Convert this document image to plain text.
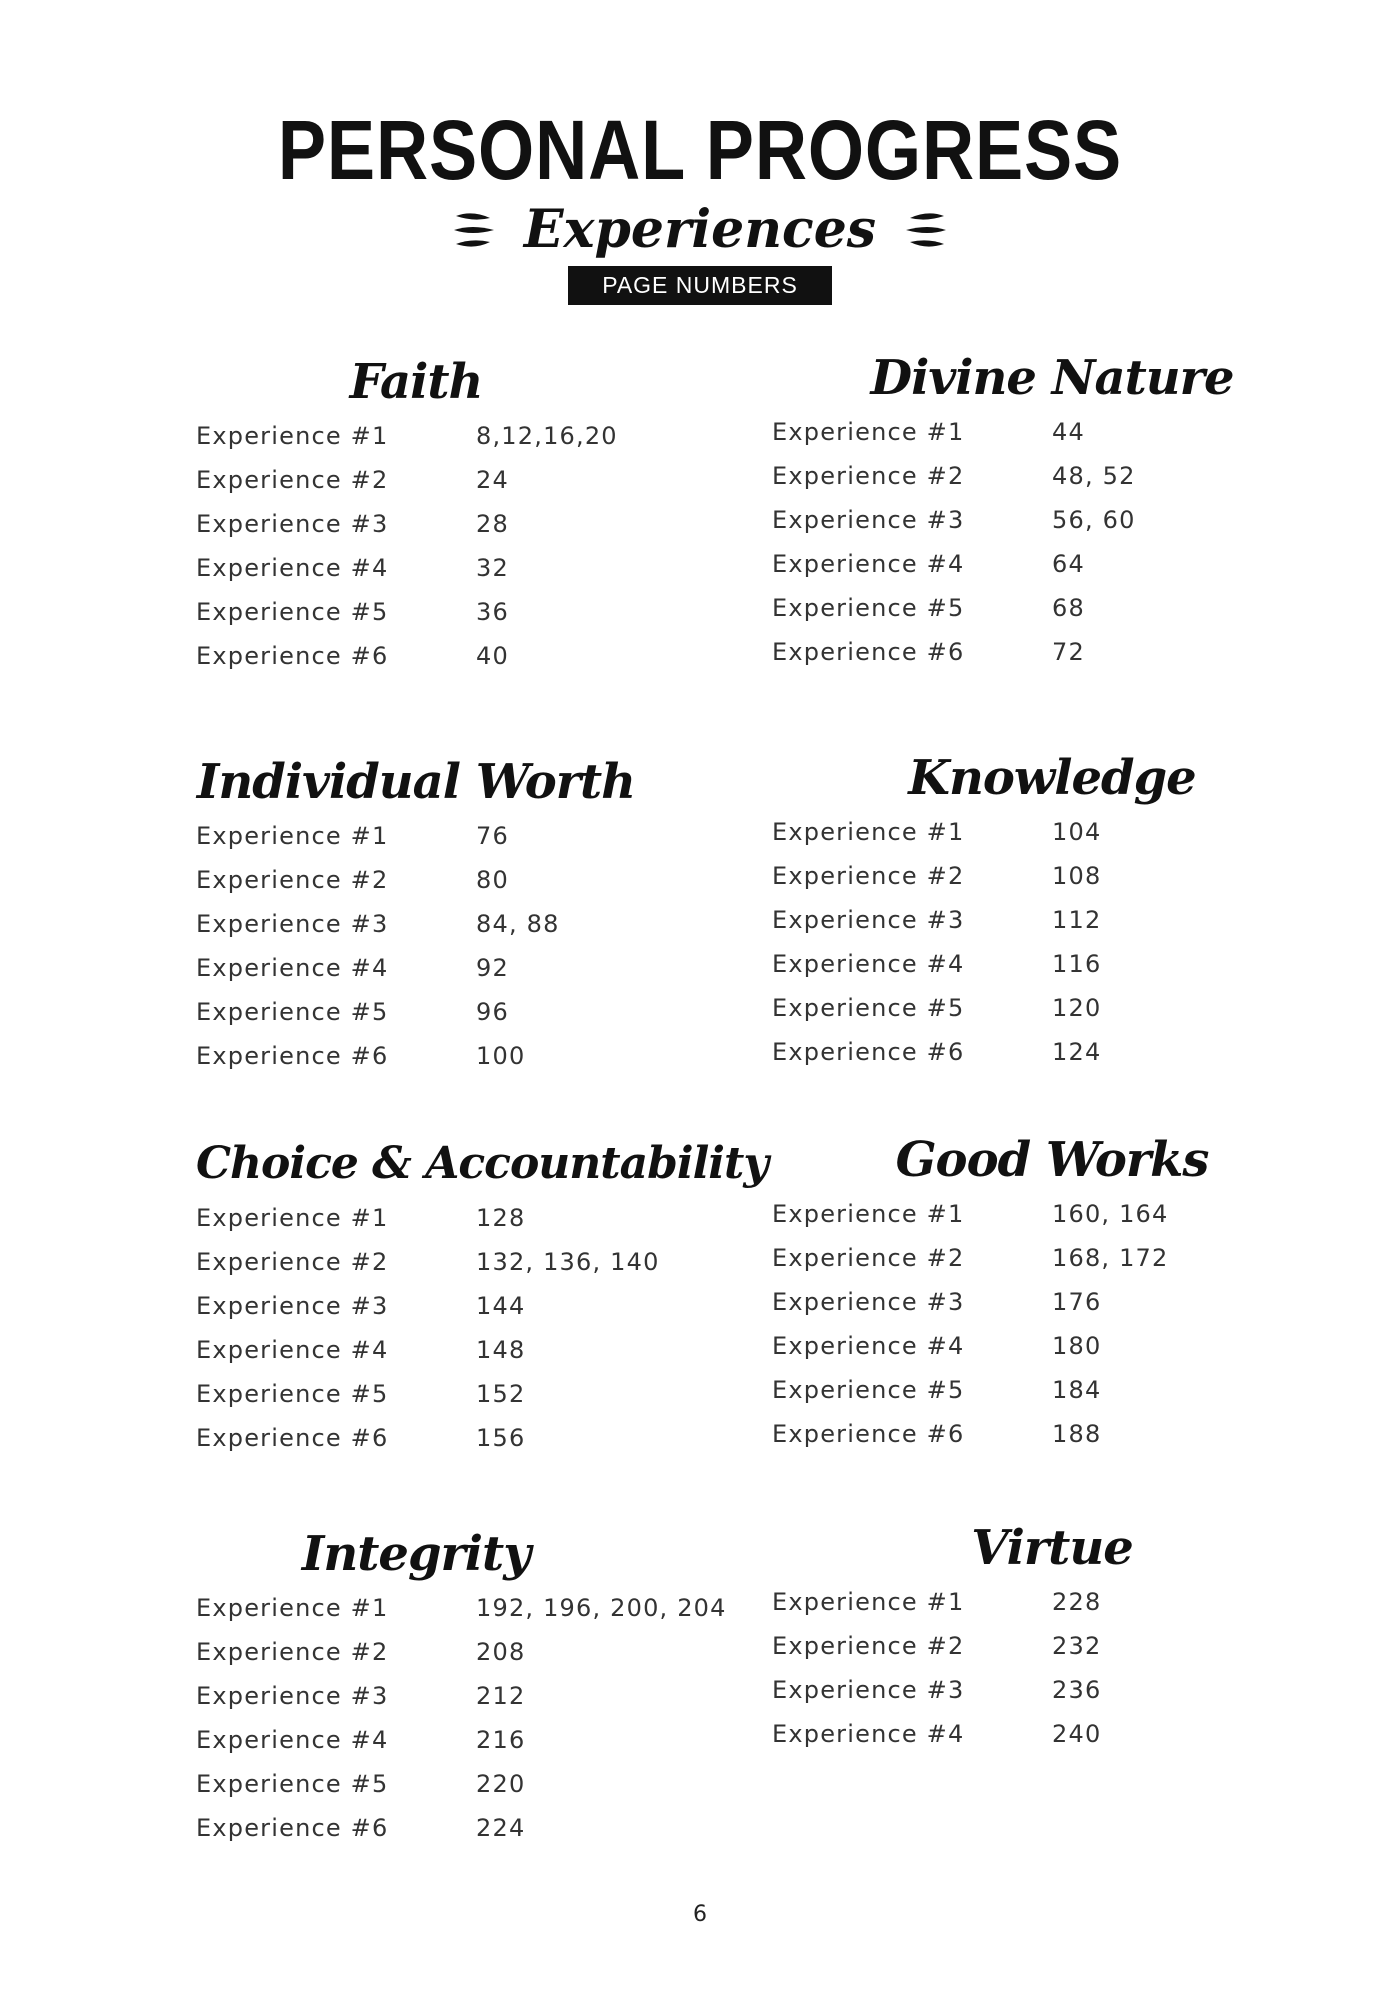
PERSONAL PROGRESS
Experiences
PAGE NUMBERS
Faith
Experience #1	8,12,16,20
Experience #2	24
Experience #3	28
Experience #4	32
Experience #5	36
Experience #6	40
Divine Nature
Experience #1	44
Experience #2	48, 52
Experience #3	56, 60
Experience #4	64
Experience #5	68
Experience #6	72
Individual Worth
Experience #1	76
Experience #2	80
Experience #3	84, 88
Experience #4	92
Experience #5	96
Experience #6	100
Knowledge
Experience #1	104
Experience #2	108
Experience #3	112
Experience #4	116
Experience #5	120
Experience #6	124
Choice & Accountability
Experience #1	128
Experience #2	132, 136, 140
Experience #3	144
Experience #4	148
Experience #5	152
Experience #6	156
Good Works
Experience #1	160, 164
Experience #2	168, 172
Experience #3	176
Experience #4	180
Experience #5	184
Experience #6	188
Integrity
Experience #1	192, 196, 200, 204
Experience #2	208
Experience #3	212
Experience #4	216
Experience #5	220
Experience #6	224
Virtue
Experience #1	228
Experience #2	232
Experience #3	236
Experience #4	240
6
